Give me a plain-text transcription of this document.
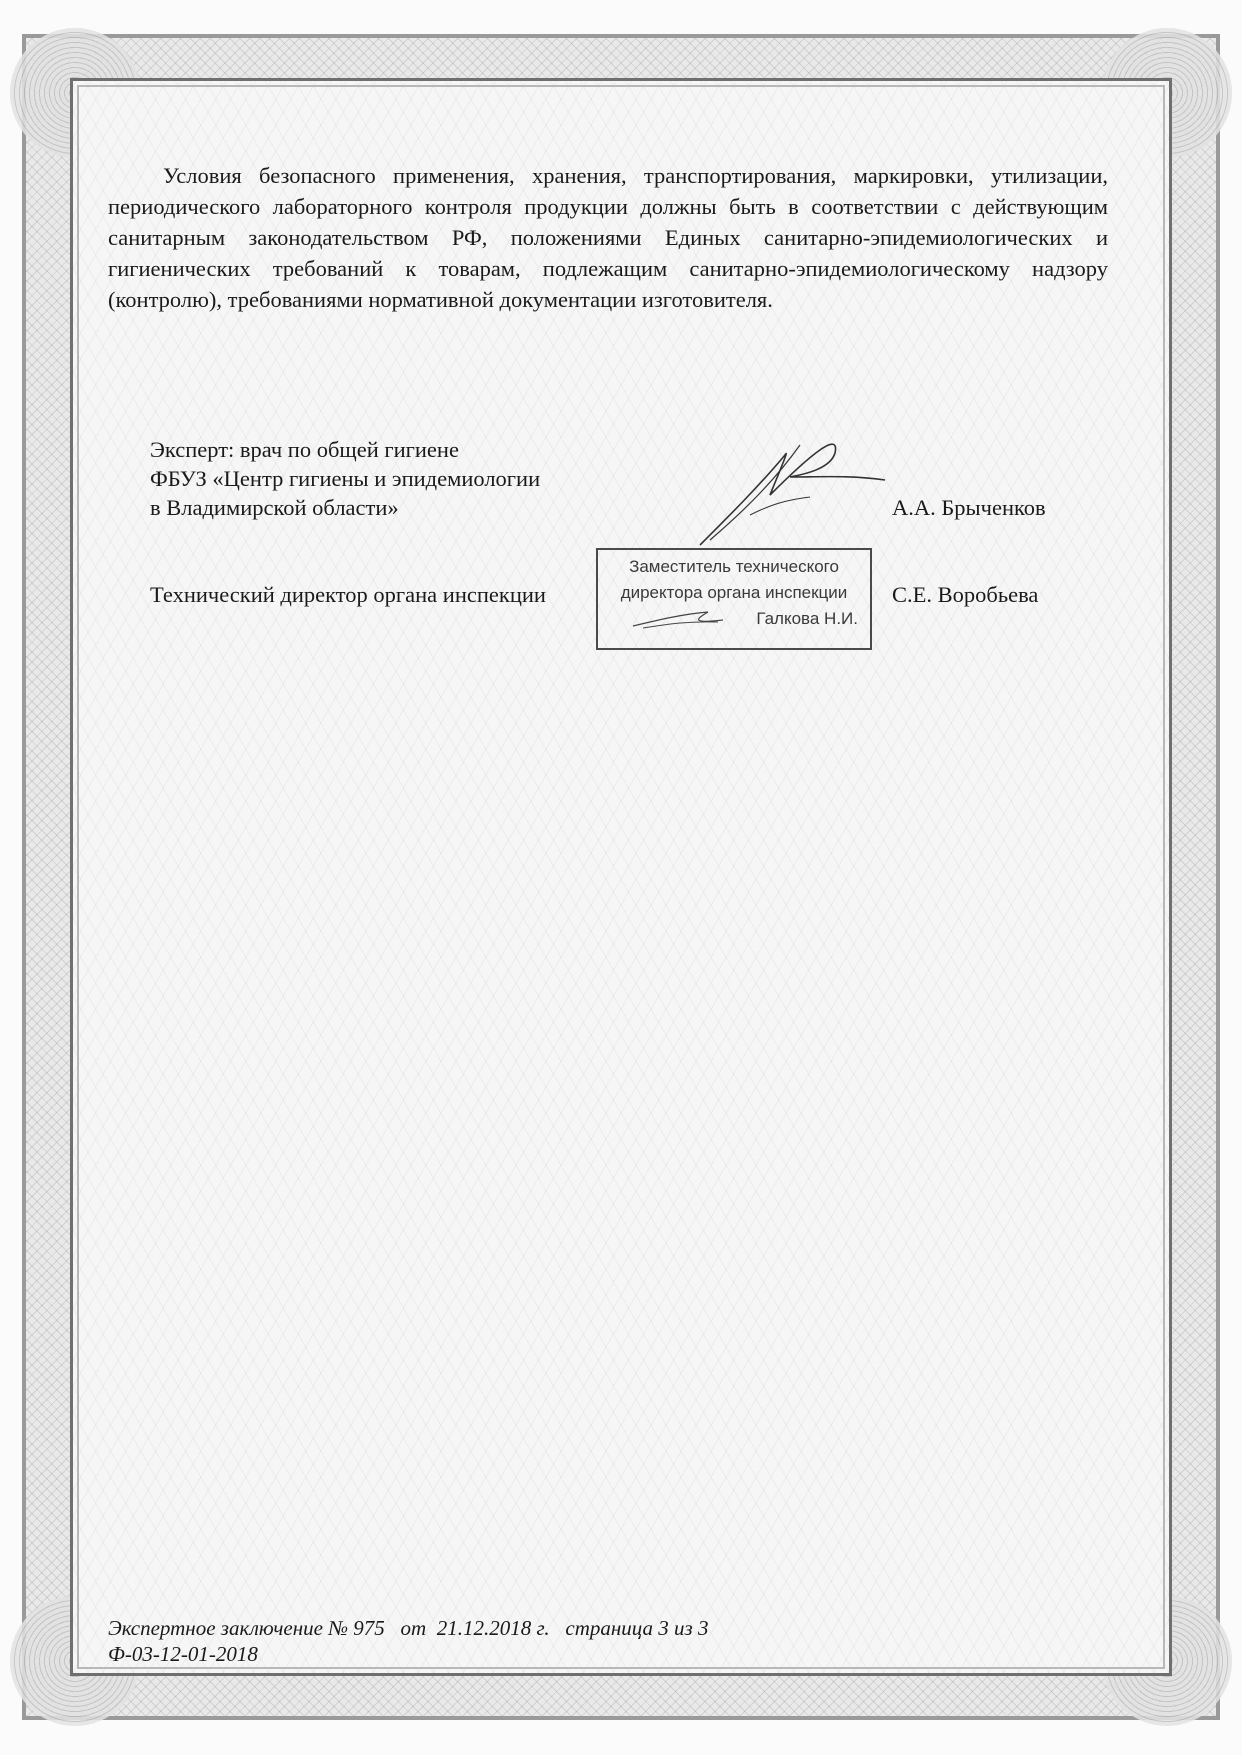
Условия безопасного применения, хранения, транспортирования, маркировки, утилизации, периодического лабораторного контроля продукции должны быть в соответствии с действующим санитарным законодательством РФ, положениями Единых санитарно-эпидемиологических и гигиенических требований к товарам, подлежащим санитарно-эпидемиологическому надзору (контролю), требованиями нормативной документации изготовителя.

Эксперт: врач по общей гигиене
ФБУЗ «Центр гигиены и эпидемиологии
в Владимирской области»	А.А. Брыченков
Технический директор органа инспекции	С.Е. Воробьева
Заместитель технического
директора органа инспекции
Галкова Н.И.
Экспертное заключение № 975   от  21.12.2018 г.   страница 3 из 3
Ф-03-12-01-2018
